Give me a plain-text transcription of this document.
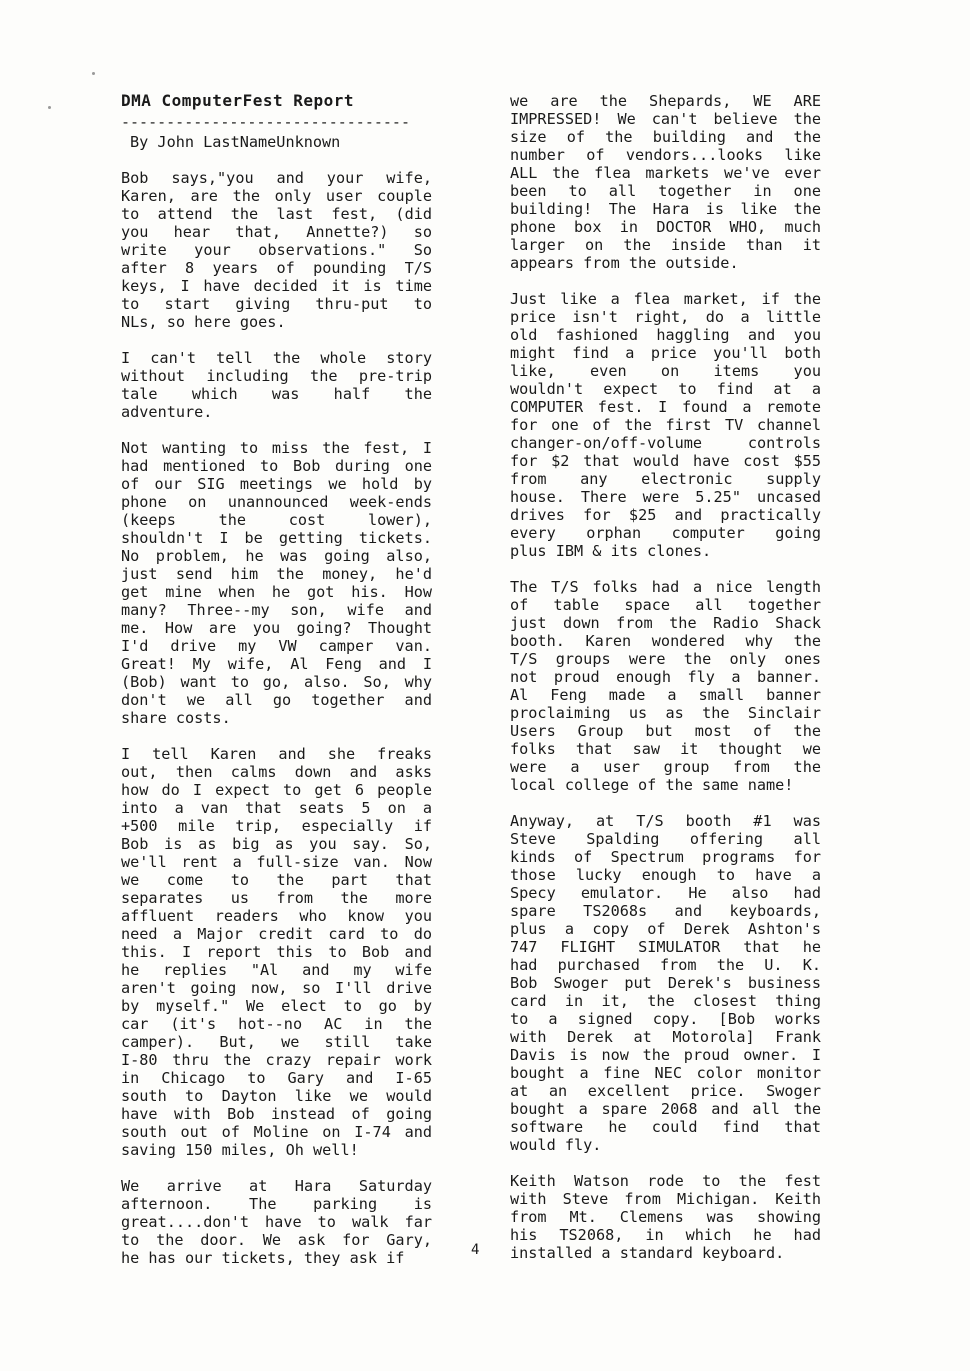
DMA ComputerFest Report
--------------------------------
By John LastNameUnknown
Bob says,"you and your wife,
Karen, are the only user couple
to attend the last fest, (did
you hear that, Annette?) so
write your observations." So
after 8 years of pounding T/S
keys, I have decided it is time
to start giving thru-put to
NLs, so here goes.
I can't tell the whole story
without including the pre-trip
tale which was half the
adventure.
Not wanting to miss the fest, I
had mentioned to Bob during one
of our SIG meetings we hold by
phone on unannounced week-ends
(keeps the cost lower),
shouldn't I be getting tickets.
No problem, he was going also,
just send him the money, he'd
get mine when he got his. How
many? Three--my son, wife and
me. How are you going? Thought
I'd drive my VW camper van.
Great! My wife, Al Feng and I
(Bob) want to go, also. So, why
don't we all go together and
share costs.
I tell Karen and she freaks
out, then calms down and asks
how do I expect to get 6 people
into a van that seats 5 on a
+500 mile trip, especially if
Bob is as big as you say. So,
we'll rent a full-size van. Now
we come to the part that
separates us from the more
affluent readers who know you
need a Major credit card to do
this. I report this to Bob and
he replies "Al and my wife
aren't going now, so I'll drive
by myself." We elect to go by
car (it's hot--no AC in the
camper). But, we still take
I-80 thru the crazy repair work
in Chicago to Gary and I-65
south to Dayton like we would
have with Bob instead of going
south out of Moline on I-74 and
saving 150 miles, Oh well!
We arrive at Hara Saturday
afternoon. The parking is
great....don't have to walk far
to the door. We ask for Gary,
he has our tickets, they ask if
we are the Shepards, WE ARE
IMPRESSED! We can't believe the
size of the building and the
number of vendors...looks like
ALL the flea markets we've ever
been to all together in one
building! The Hara is like the
phone box in DOCTOR WHO, much
larger on the inside than it
appears from the outside.
Just like a flea market, if the
price isn't right, do a little
old fashioned haggling and you
might find a price you'll both
like, even on items you
wouldn't expect to find at a
COMPUTER fest. I found a remote
for one of the first TV channel
changer-on/off-volume controls
for $2 that would have cost $55
from any electronic supply
house. There were 5.25" uncased
drives for $25 and practically
every orphan computer going
plus IBM & its clones.
The T/S folks had a nice length
of table space all together
just down from the Radio Shack
booth. Karen wondered why the
T/S groups were the only ones
not proud enough fly a banner.
Al Feng made a small banner
proclaiming us as the Sinclair
Users Group but most of the
folks that saw it thought we
were a user group from the
local college of the same name!
Anyway, at T/S booth #1 was
Steve Spalding offering all
kinds of Spectrum programs for
those lucky enough to have a
Specy emulator. He also had
spare TS2068s and keyboards,
plus a copy of Derek Ashton's
747 FLIGHT SIMULATOR that he
had purchased from the U. K.
Bob Swoger put Derek's business
card in it, the closest thing
to a signed copy. [Bob works
with Derek at Motorola] Frank
Davis is now the proud owner. I
bought a fine NEC color monitor
at an excellent price. Swoger
bought a spare 2068 and all the
software he could find that
would fly.
Keith Watson rode to the fest
with Steve from Michigan. Keith
from Mt. Clemens was showing
his TS2068, in which he had
installed a standard keyboard.
4
